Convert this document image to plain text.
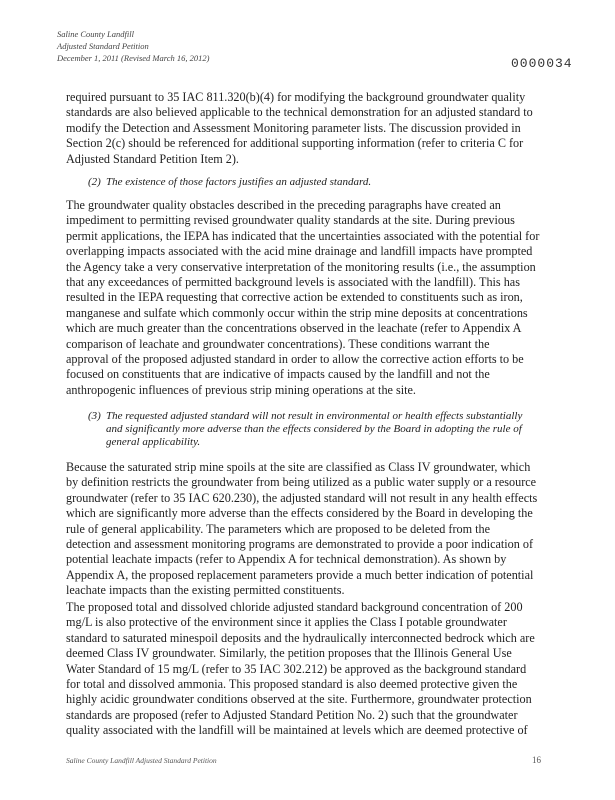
Saline County Landfill
Adjusted Standard Petition
December 1, 2011 (Revised March 16, 2012)	0000034
required pursuant to 35 IAC 811.320(b)(4) for modifying the background groundwater quality
standards are also believed applicable to the technical demonstration for an adjusted standard to
modify the Detection and Assessment Monitoring parameter lists. The discussion provided in
Section 2(c) should be referenced for additional supporting information (refer to criteria C for
Adjusted Standard Petition Item 2).
(2) The existence of those factors justifies an adjusted standard.
The groundwater quality obstacles described in the preceding paragraphs have created an
impediment to permitting revised groundwater quality standards at the site. During previous
permit applications, the IEPA has indicated that the uncertainties associated with the potential for
overlapping impacts associated with the acid mine drainage and landfill impacts have prompted
the Agency take a very conservative interpretation of the monitoring results (i.e., the assumption
that any exceedances of permitted background levels is associated with the landfill). This has
resulted in the IEPA requesting that corrective action be extended to constituents such as iron,
manganese and sulfate which commonly occur within the strip mine deposits at concentrations
which are much greater than the concentrations observed in the leachate (refer to Appendix A
comparison of leachate and groundwater concentrations). These conditions warrant the
approval of the proposed adjusted standard in order to allow the corrective action efforts to be
focused on constituents that are indicative of impacts caused by the landfill and not the
anthropogenic influences of previous strip mining operations at the site.
(3) The requested adjusted standard will not result in environmental or health effects substantially
and significantly more adverse than the effects considered by the Board in adopting the rule of
general applicability.
Because the saturated strip mine spoils at the site are classified as Class IV groundwater, which
by definition restricts the groundwater from being utilized as a public water supply or a resource
groundwater (refer to 35 IAC 620.230), the adjusted standard will not result in any health effects
which are significantly more adverse than the effects considered by the Board in developing the
rule of general applicability. The parameters which are proposed to be deleted from the
detection and assessment monitoring programs are demonstrated to provide a poor indication of
potential leachate impacts (refer to Appendix A for technical demonstration). As shown by
Appendix A, the proposed replacement parameters provide a much better indication of potential
leachate impacts than the existing permitted constituents.
The proposed total and dissolved chloride adjusted standard background concentration of 200
mg/L is also protective of the environment since it applies the Class I potable groundwater
standard to saturated minespoil deposits and the hydraulically interconnected bedrock which are
deemed Class IV groundwater. Similarly, the petition proposes that the Illinois General Use
Water Standard of 15 mg/L (refer to 35 IAC 302.212) be approved as the background standard
for total and dissolved ammonia. This proposed standard is also deemed protective given the
highly acidic groundwater conditions observed at the site. Furthermore, groundwater protection
standards are proposed (refer to Adjusted Standard Petition No. 2) such that the groundwater
quality associated with the landfill will be maintained at levels which are deemed protective of
Saline County Landfill Adjusted Standard Petition	16
